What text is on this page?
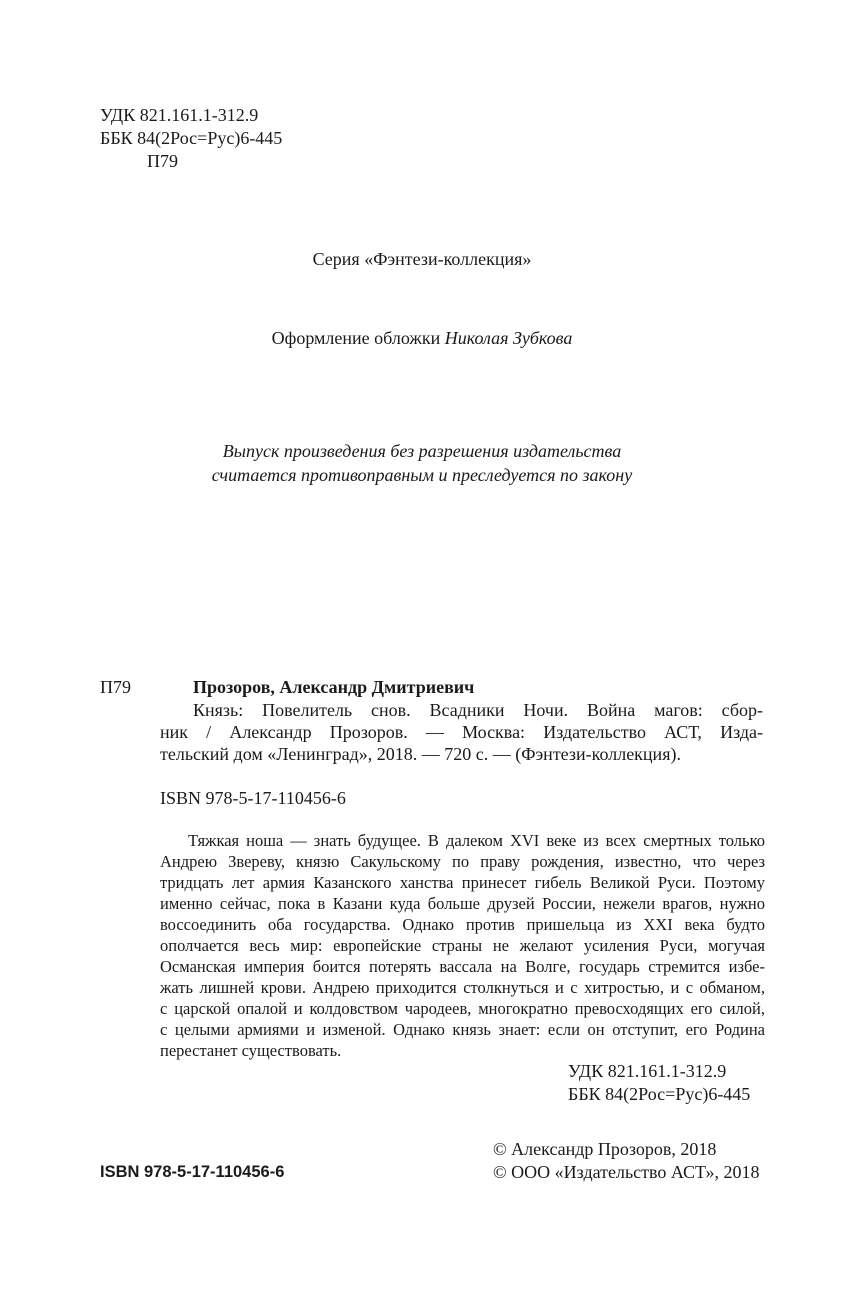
УДК 821.161.1-312.9
ББК 84(2Рос=Рус)6-445
П79
Серия «Фэнтези-коллекция»
Оформление обложки Николая Зубкова
Выпуск произведения без разрешения издательства
считается противоправным и преследуется по закону
П79	Прозоров, Александр Дмитриевич
Князь: Повелитель снов. Всадники Ночи. Война магов: сбор-
ник / Александр Прозоров. — Москва: Издательство АСТ, Изда-
тельский дом «Ленинград», 2018. — 720 с. — (Фэнтези-коллекция).
ISBN 978-5-17-110456-6
Тяжкая ноша — знать будущее. В далеком XVI веке из всех смертных только
Андрею Звереву, князю Сакульскому по праву рождения, известно, что через
тридцать лет армия Казанского ханства принесет гибель Великой Руси. Поэтому
именно сейчас, пока в Казани куда больше друзей России, нежели врагов, нужно
воссоединить оба государства. Однако против пришельца из XXI века будто
ополчается весь мир: европейские страны не желают усиления Руси, могучая
Османская империя боится потерять вассала на Волге, государь стремится избе-
жать лишней крови. Андрею приходится столкнуться и с хитростью, и с обманом,
с царской опалой и колдовством чародеев, многократно превосходящих его силой,
с целыми армиями и изменой. Однако князь знает: если он отступит, его Родина
перестанет существовать.
УДК 821.161.1-312.9
ББК 84(2Рос=Рус)6-445
© Александр Прозоров, 2018
ISBN 978-5-17-110456-6	© ООО «Издательство АСТ», 2018
